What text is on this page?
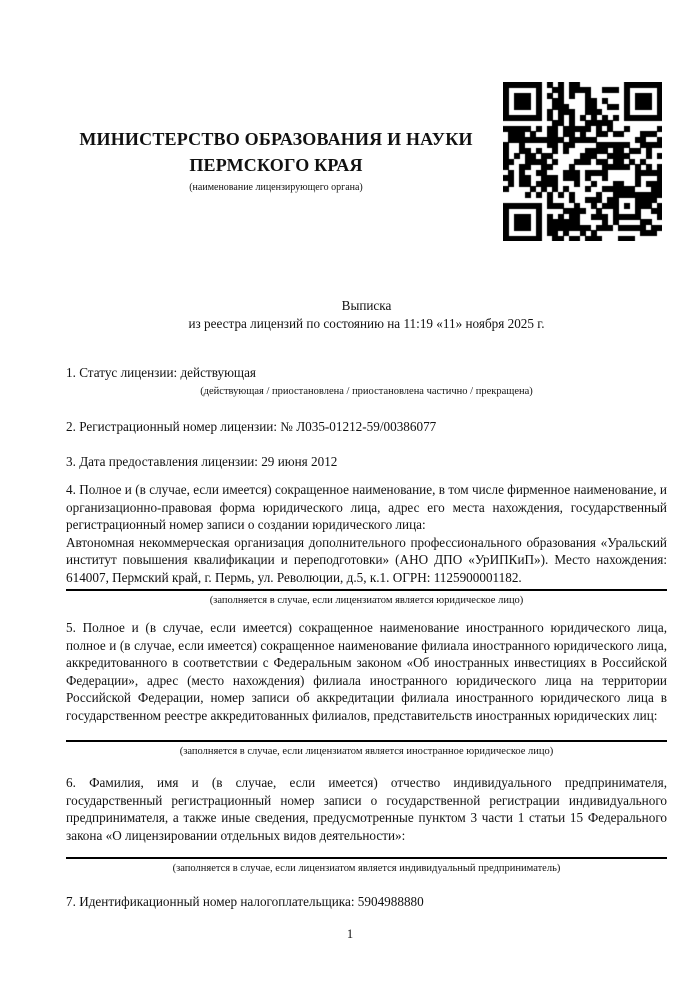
МИНИСТЕРСТВО ОБРАЗОВАНИЯ И НАУКИ ПЕРМСКОГО КРАЯ
(наименование лицензирующего органа)
Выписка
из реестра лицензий по состоянию на 11:19 «11» ноября 2025 г.

1. Статус лицензии: действующая

(действующая / приостановлена / приостановлена частично / прекращена)

2. Регистрационный номер лицензии: № Л035-01212-59/00386077

3. Дата предоставления лицензии: 29 июня 2012

4. Полное и (в случае, если имеется) сокращенное наименование, в том числе фирменное наименование, и организационно-правовая форма юридического лица, адрес его места нахождения, государственный регистрационный номер записи о создании юридического лица:

Автономная некоммерческая организация дополнительного профессионального образования «Уральский институт повышения квалификации и переподготовки» (АНО ДПО «УрИПКиП»). Место нахождения: 614007, Пермский край, г. Пермь, ул. Революции, д.5, к.1. ОГРН: 1125900001182.

(заполняется в случае, если лицензиатом является юридическое лицо)

5. Полное и (в случае, если имеется) сокращенное наименование иностранного юридического лица, полное и (в случае, если имеется) сокращенное наименование филиала иностранного юридического лица, аккредитованного в соответствии с Федеральным законом «Об иностранных инвестициях в Российской Федерации», адрес (место нахождения) филиала иностранного юридического лица на территории Российской Федерации, номер записи об аккредитации филиала иностранного юридического лица в государственном реестре аккредитованных филиалов, представительств иностранных юридических лиц:

(заполняется в случае, если лицензиатом является иностранное юридическое лицо)

6. Фамилия, имя и (в случае, если имеется) отчество индивидуального предпринимателя, государственный регистрационный номер записи о государственной регистрации индивидуального предпринимателя, а также иные сведения, предусмотренные пунктом 3 части 1 статьи 15 Федерального закона «О лицензировании отдельных видов деятельности»:

(заполняется в случае, если лицензиатом является индивидуальный предприниматель)

7. Идентификационный номер налогоплательщика: 5904988880

1
